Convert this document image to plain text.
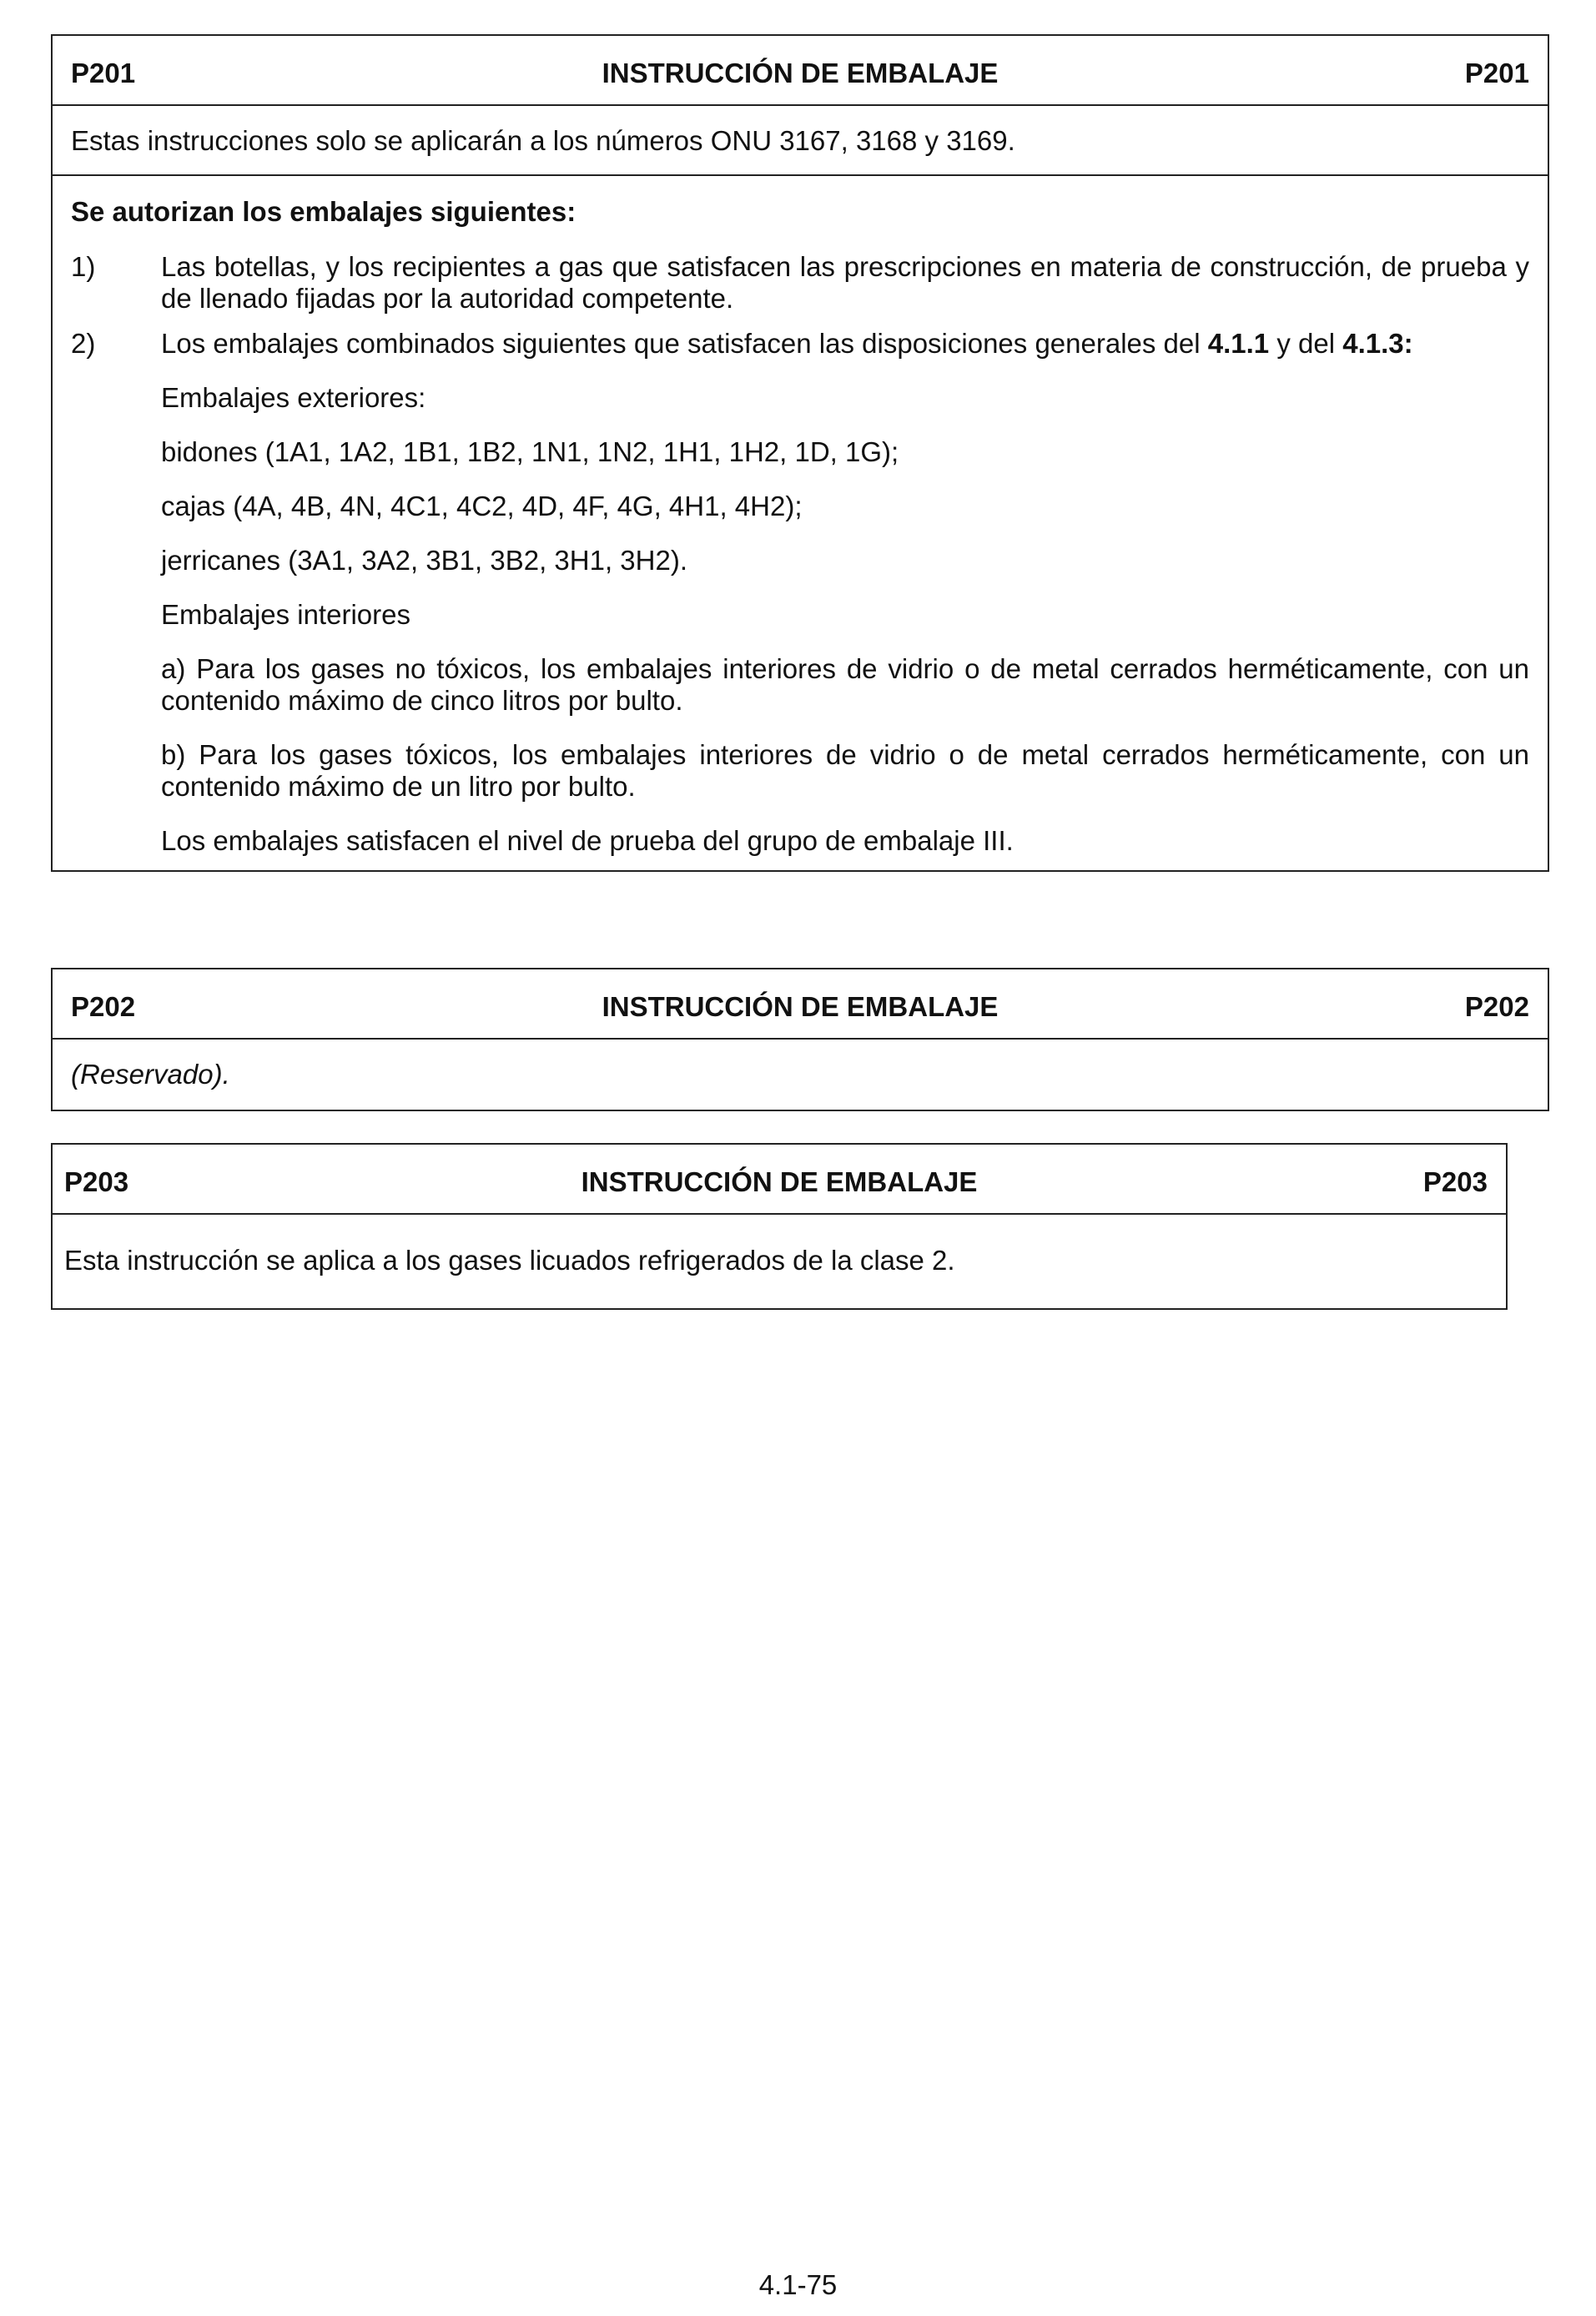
P201	INSTRUCCIÓN DE EMBALAJE	P201

Estas instrucciones solo se aplicarán a los números ONU 3167, 3168 y 3169.

Se autorizan los embalajes siguientes:

1) Las botellas, y los recipientes a gas que satisfacen las prescripciones en materia de construcción, de prueba y de llenado fijadas por la autoridad competente.

2) Los embalajes combinados siguientes que satisfacen las disposiciones generales del 4.1.1 y del 4.1.3:

Embalajes exteriores:

bidones (1A1, 1A2, 1B1, 1B2, 1N1, 1N2, 1H1, 1H2, 1D, 1G);

cajas (4A, 4B, 4N, 4C1, 4C2, 4D, 4F, 4G, 4H1, 4H2);

jerricanes (3A1, 3A2, 3B1, 3B2, 3H1, 3H2).

Embalajes interiores

a) Para los gases no tóxicos, los embalajes interiores de vidrio o de metal cerrados herméticamente, con un contenido máximo de cinco litros por bulto.

b) Para los gases tóxicos, los embalajes interiores de vidrio o de metal cerrados herméticamente, con un contenido máximo de un litro por bulto.

Los embalajes satisfacen el nivel de prueba del grupo de embalaje III.

P202	INSTRUCCIÓN DE EMBALAJE	P202

(Reservado).

P203	INSTRUCCIÓN DE EMBALAJE	P203

Esta instrucción se aplica a los gases licuados refrigerados de la clase 2.

4.1-75
